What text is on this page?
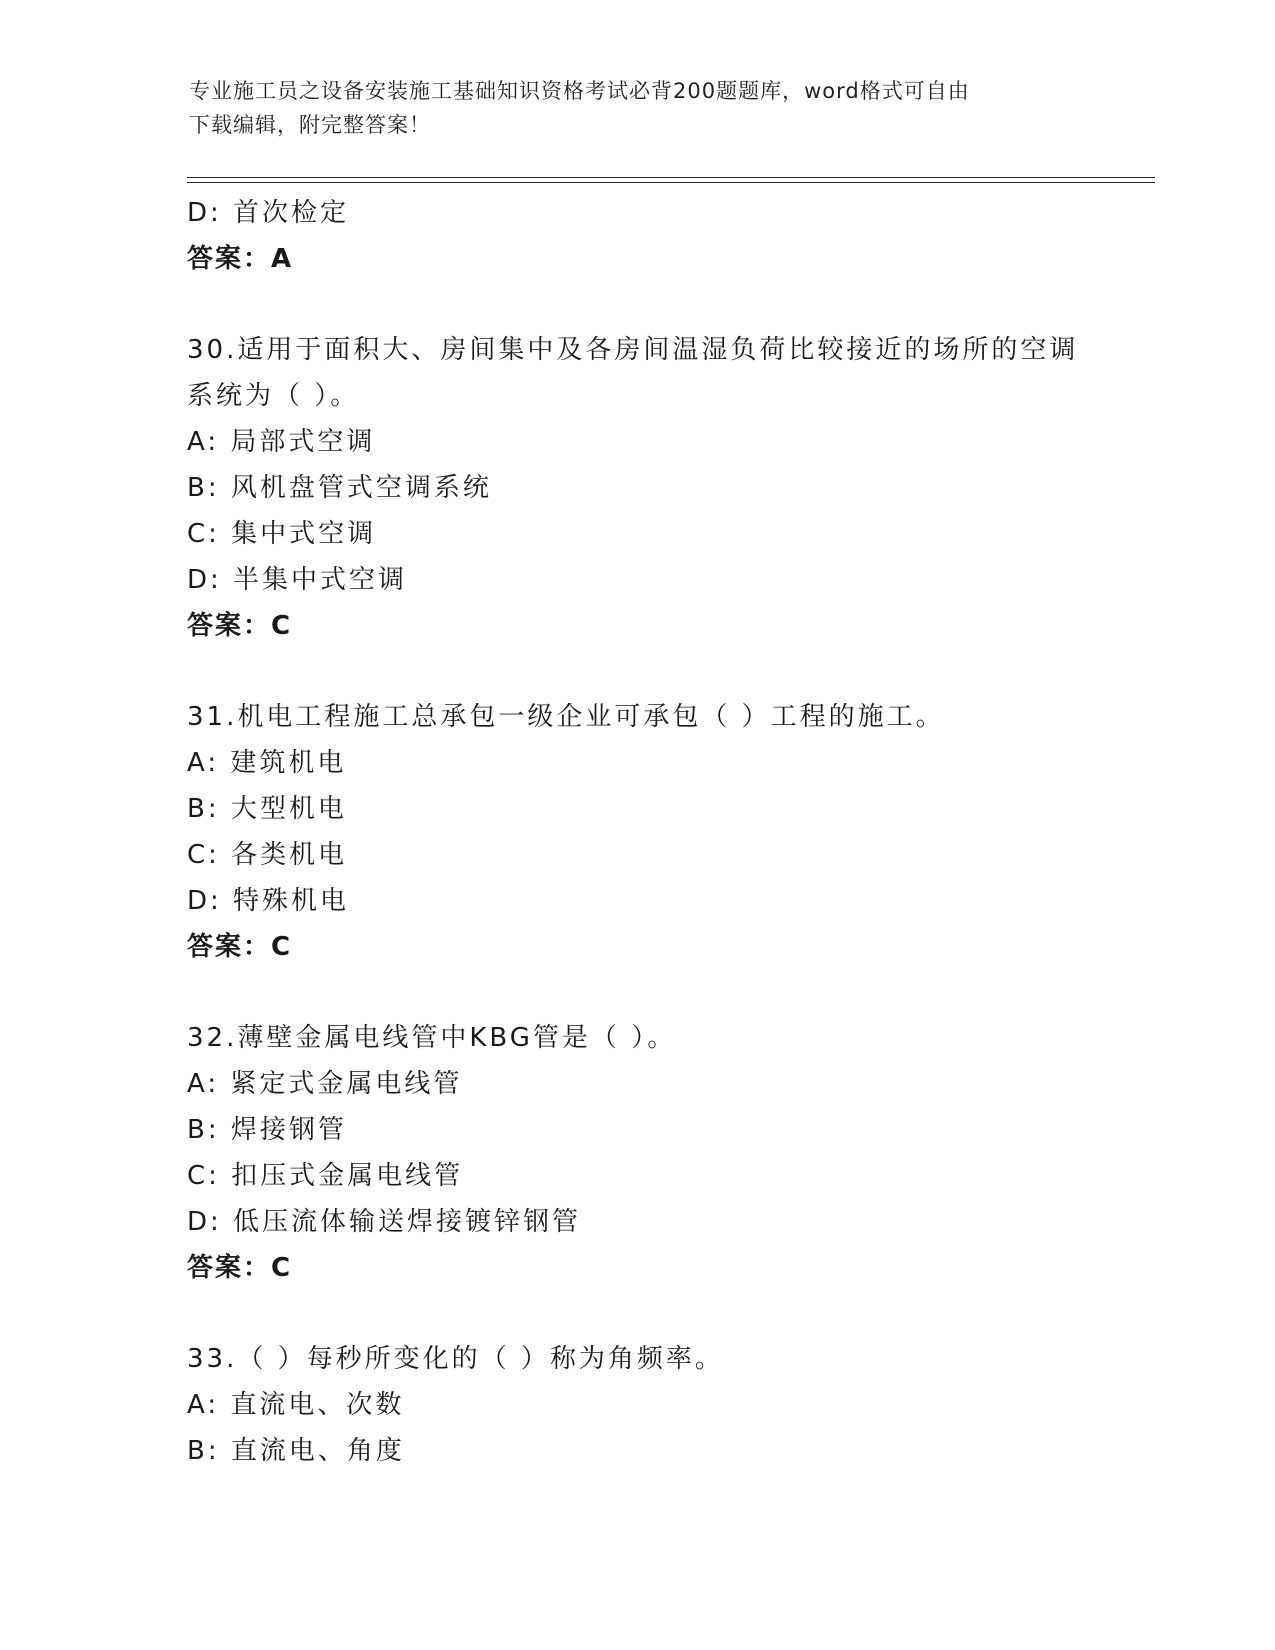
专业施工员之设备安装施工基础知识资格考试必背200题题库，word格式可自由
下载编辑，附完整答案！
D: 首次检定
答案：A
30.适用于面积大、房间集中及各房间温湿负荷比较接近的场所的空调
系统为（ ）。
A: 局部式空调
B: 风机盘管式空调系统
C: 集中式空调
D: 半集中式空调
答案：C
31.机电工程施工总承包一级企业可承包（ ）工程的施工。
A: 建筑机电
B: 大型机电
C: 各类机电
D: 特殊机电
答案：C
32.薄壁金属电线管中KBG管是（ ）。
A: 紧定式金属电线管
B: 焊接钢管
C: 扣压式金属电线管
D: 低压流体输送焊接镀锌钢管
答案：C
33.（ ）每秒所变化的（ ）称为角频率。
A: 直流电、次数
B: 直流电、角度
